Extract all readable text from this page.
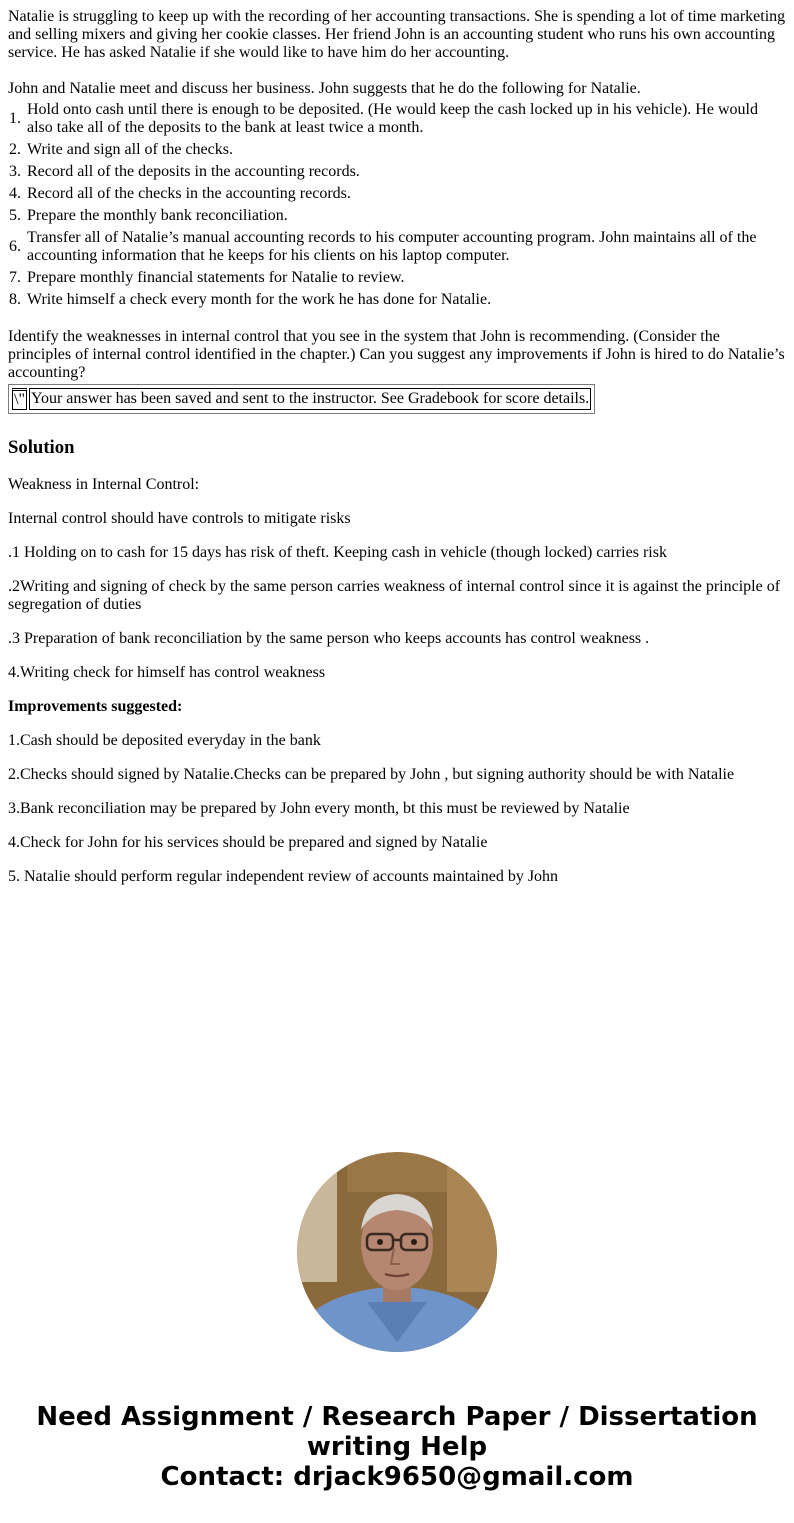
Natalie is struggling to keep up with the recording of her accounting transactions. She is spending a lot of time marketing and selling mixers and giving her cookie classes. Her friend John is an accounting student who runs his own accounting service. He has asked Natalie if she would like to have him do her accounting.

John and Natalie meet and discuss her business. John suggests that he do the following for Natalie.

1.	Hold onto cash until there is enough to be deposited. (He would keep the cash locked up in his vehicle). He would also take all of the deposits to the bank at least twice a month.
2.	Write and sign all of the checks.
3.	Record all of the deposits in the accounting records.
4.	Record all of the checks in the accounting records.
5.	Prepare the monthly bank reconciliation.
6.	Transfer all of Natalie’s manual accounting records to his computer accounting program. John maintains all of the accounting information that he keeps for his clients on his laptop computer.
7.	Prepare monthly financial statements for Natalie to review.
8.	Write himself a check every month for the work he has done for Natalie.

Identify the weaknesses in internal control that you see in the system that John is recommending. (Consider the principles of internal control identified in the chapter.) Can you suggest any improvements if John is hired to do Natalie’s accounting?

\"	Your answer has been saved and sent to the instructor. See Gradebook for score details.
Solution

Weakness in Internal Control:

Internal control should have controls to mitigate risks

.1 Holding on to cash for 15 days has risk of theft. Keeping cash in vehicle (though locked) carries risk

.2Writing and signing of check by the same person carries weakness of internal control since it is against the principle of segregation of duties

.3 Preparation of bank reconciliation by the same person who keeps accounts has control weakness .

4.Writing check for himself has control weakness

Improvements suggested:

1.Cash should be deposited everyday in the bank

2.Checks should signed by Natalie.Checks can be prepared by John , but signing authority should be with Natalie

3.Bank reconciliation may be prepared by John every month, bt this must be reviewed by Natalie

4.Check for John for his services should be prepared and signed by Natalie

5. Natalie should perform regular independent review of accounts maintained by John

Need Assignment / Research Paper / Dissertation
writing Help
Contact: drjack9650@gmail.com
